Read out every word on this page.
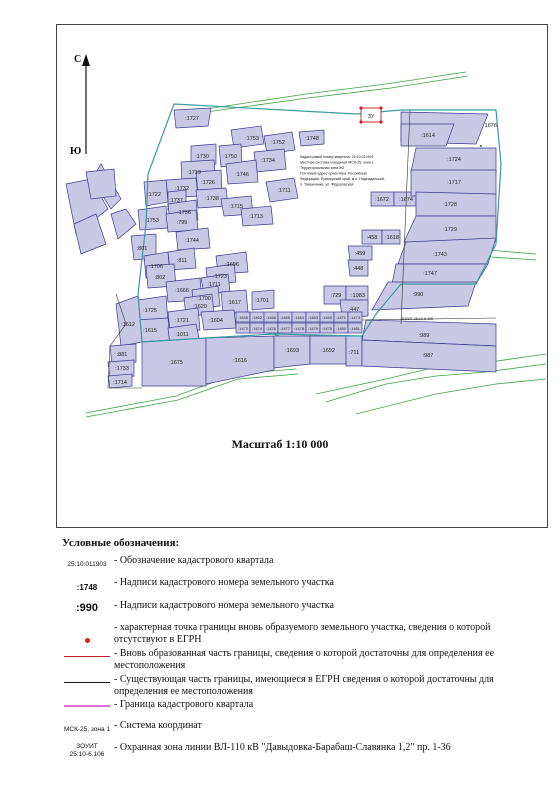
:1646 :1462 :1466 :1465 :1464 :1463 :1469 :1471 :1473
:1472 :1474 :1476 :1477 :1478 :1479 :1475 :1480 :1481
ЗУ
Кадастровый номер квартала: 25:10:011903
Местная система координат МСК-25, зона 1
Территориальная зона Ж2
Почтовый адрес ориентира: Российская
Федерация, Приморский край, м.о. Надеждинский,
п. Тавричанка, ул. Фёдоровская
ЗОУИТ 25:10-6.106
С
Ю
:1727
:1753
:1752
:1748
:1734
:1730	:1750
:1746
:1719
:1726
:1732
:1738
:1715
:1713
:1711
:1737
:1722
:1736
:1753	:799
:801
:1744
:1706
:811
:802
:1696
:1723
:1711
:1666
:1700
:1620
:1617
:1604
:1725
:1721
:1615
:1011
:1612
:881
:1733
:1714
:1675	:1616
:1693	:1692	:711
:1701
:729 :1083
:447
:448
:459
:458 :1618
:1672 :1674
:1676
:1614
:1724
:1717
:1728
:1729
:1743
:1747
:990
:989
:987
Масштаб 1:10 000
Условные обозначения:
25:10:011903 - Обозначение кадастрового квартала
:1748	- Надписи кадастрового номера земельного участка
:990	- Надписи кадастрового номера земельного участка
- характерная точка границы вновь образуемого земельного участка, сведения о которой отсутствуют в ЕГРН
- Вновь образованная часть границы, сведения о которой достаточны для определения ее местоположения
- Существующая часть границы, имеющиеся в ЕГРН сведения о которой достаточны для определения ее местоположения
- Граница кадастрового квартала
МСК-25, зона 1 - Система координат
ЗОУИТ
25:10-6.106
- Охранная зона линии ВЛ-110 кВ "Давыдовка-Барабаш-Славянка 1,2" пр. 1-36
